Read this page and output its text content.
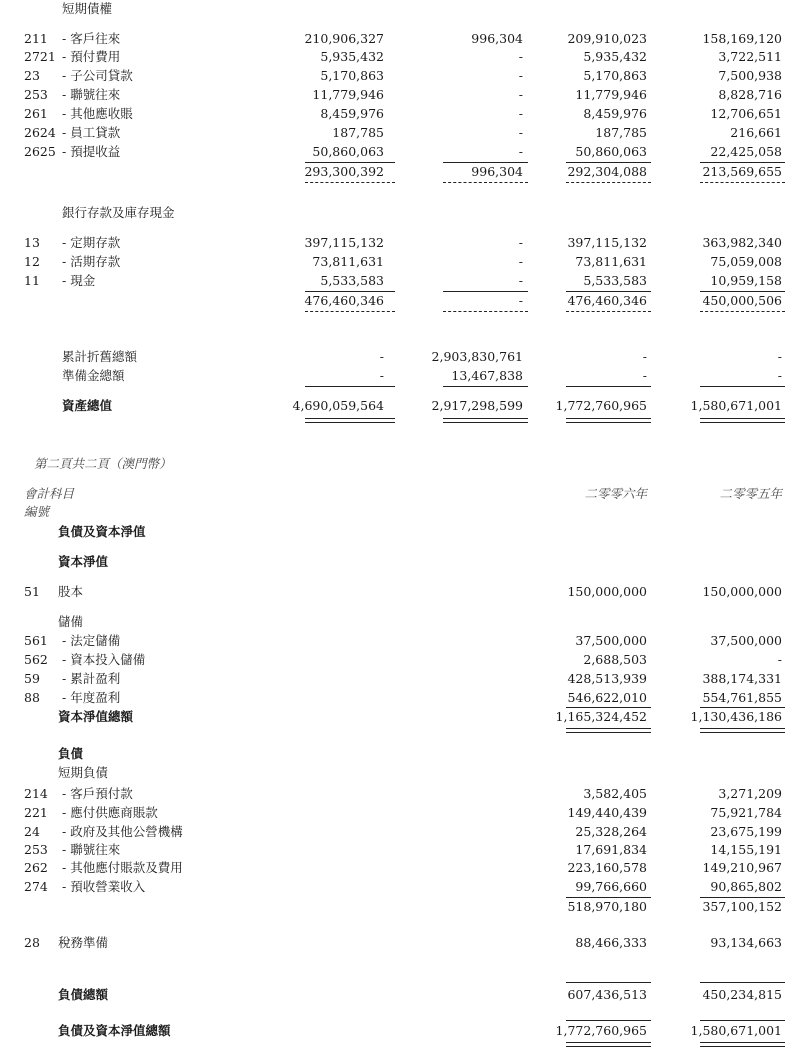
短期債權
211 - 客戶往來	210,906,327	996,304	209,910,023	158,169,120
2721 - 預付費用	5,935,432	-	5,935,432	3,722,511
23 - 子公司貸款	5,170,863	-	5,170,863	7,500,938
253 - 聯號往來	11,779,946	-	11,779,946	8,828,716
261 - 其他應收賬	8,459,976	-	8,459,976	12,706,651
2624 - 員工貸款	187,785	-	187,785	216,661
2625 - 預提收益	50,860,063	-	50,860,063	22,425,058
293,300,392	996,304	292,304,088	213,569,655
銀行存款及庫存現金
13 - 定期存款	397,115,132	-	397,115,132	363,982,340
12 - 活期存款	73,811,631	-	73,811,631	75,059,008
11 - 現金	5,533,583	-	5,533,583	10,959,158
476,460,346	-	476,460,346	450,000,506
累計折舊總額	-	2,903,830,761	-	-
準備金總額	-	13,467,838	-	-
資產總值	4,690,059,564	2,917,298,599	1,772,760,965	1,580,671,001
第二頁共二頁（澳門幣）
會計科目	二零零六年	二零零五年
編號
負債及資本淨值
資本淨值
51 股本	150,000,000	150,000,000
儲備
561 - 法定儲備	37,500,000	37,500,000
562 - 資本投入儲備	2,688,503	-
59 - 累計盈利	428,513,939	388,174,331
88 - 年度盈利	546,622,010	554,761,855
資本淨值總額	1,165,324,452	1,130,436,186
負債
短期負債
214 - 客戶預付款	3,582,405	3,271,209
221 - 應付供應商賬款	149,440,439	75,921,784
24 - 政府及其他公營機構	25,328,264	23,675,199
253 - 聯號往來	17,691,834	14,155,191
262 - 其他應付賬款及費用	223,160,578	149,210,967
274 - 預收營業收入	99,766,660	90,865,802
518,970,180	357,100,152
28 稅務準備	88,466,333	93,134,663
負債總額	607,436,513	450,234,815
負債及資本淨值總額	1,772,760,965	1,580,671,001
